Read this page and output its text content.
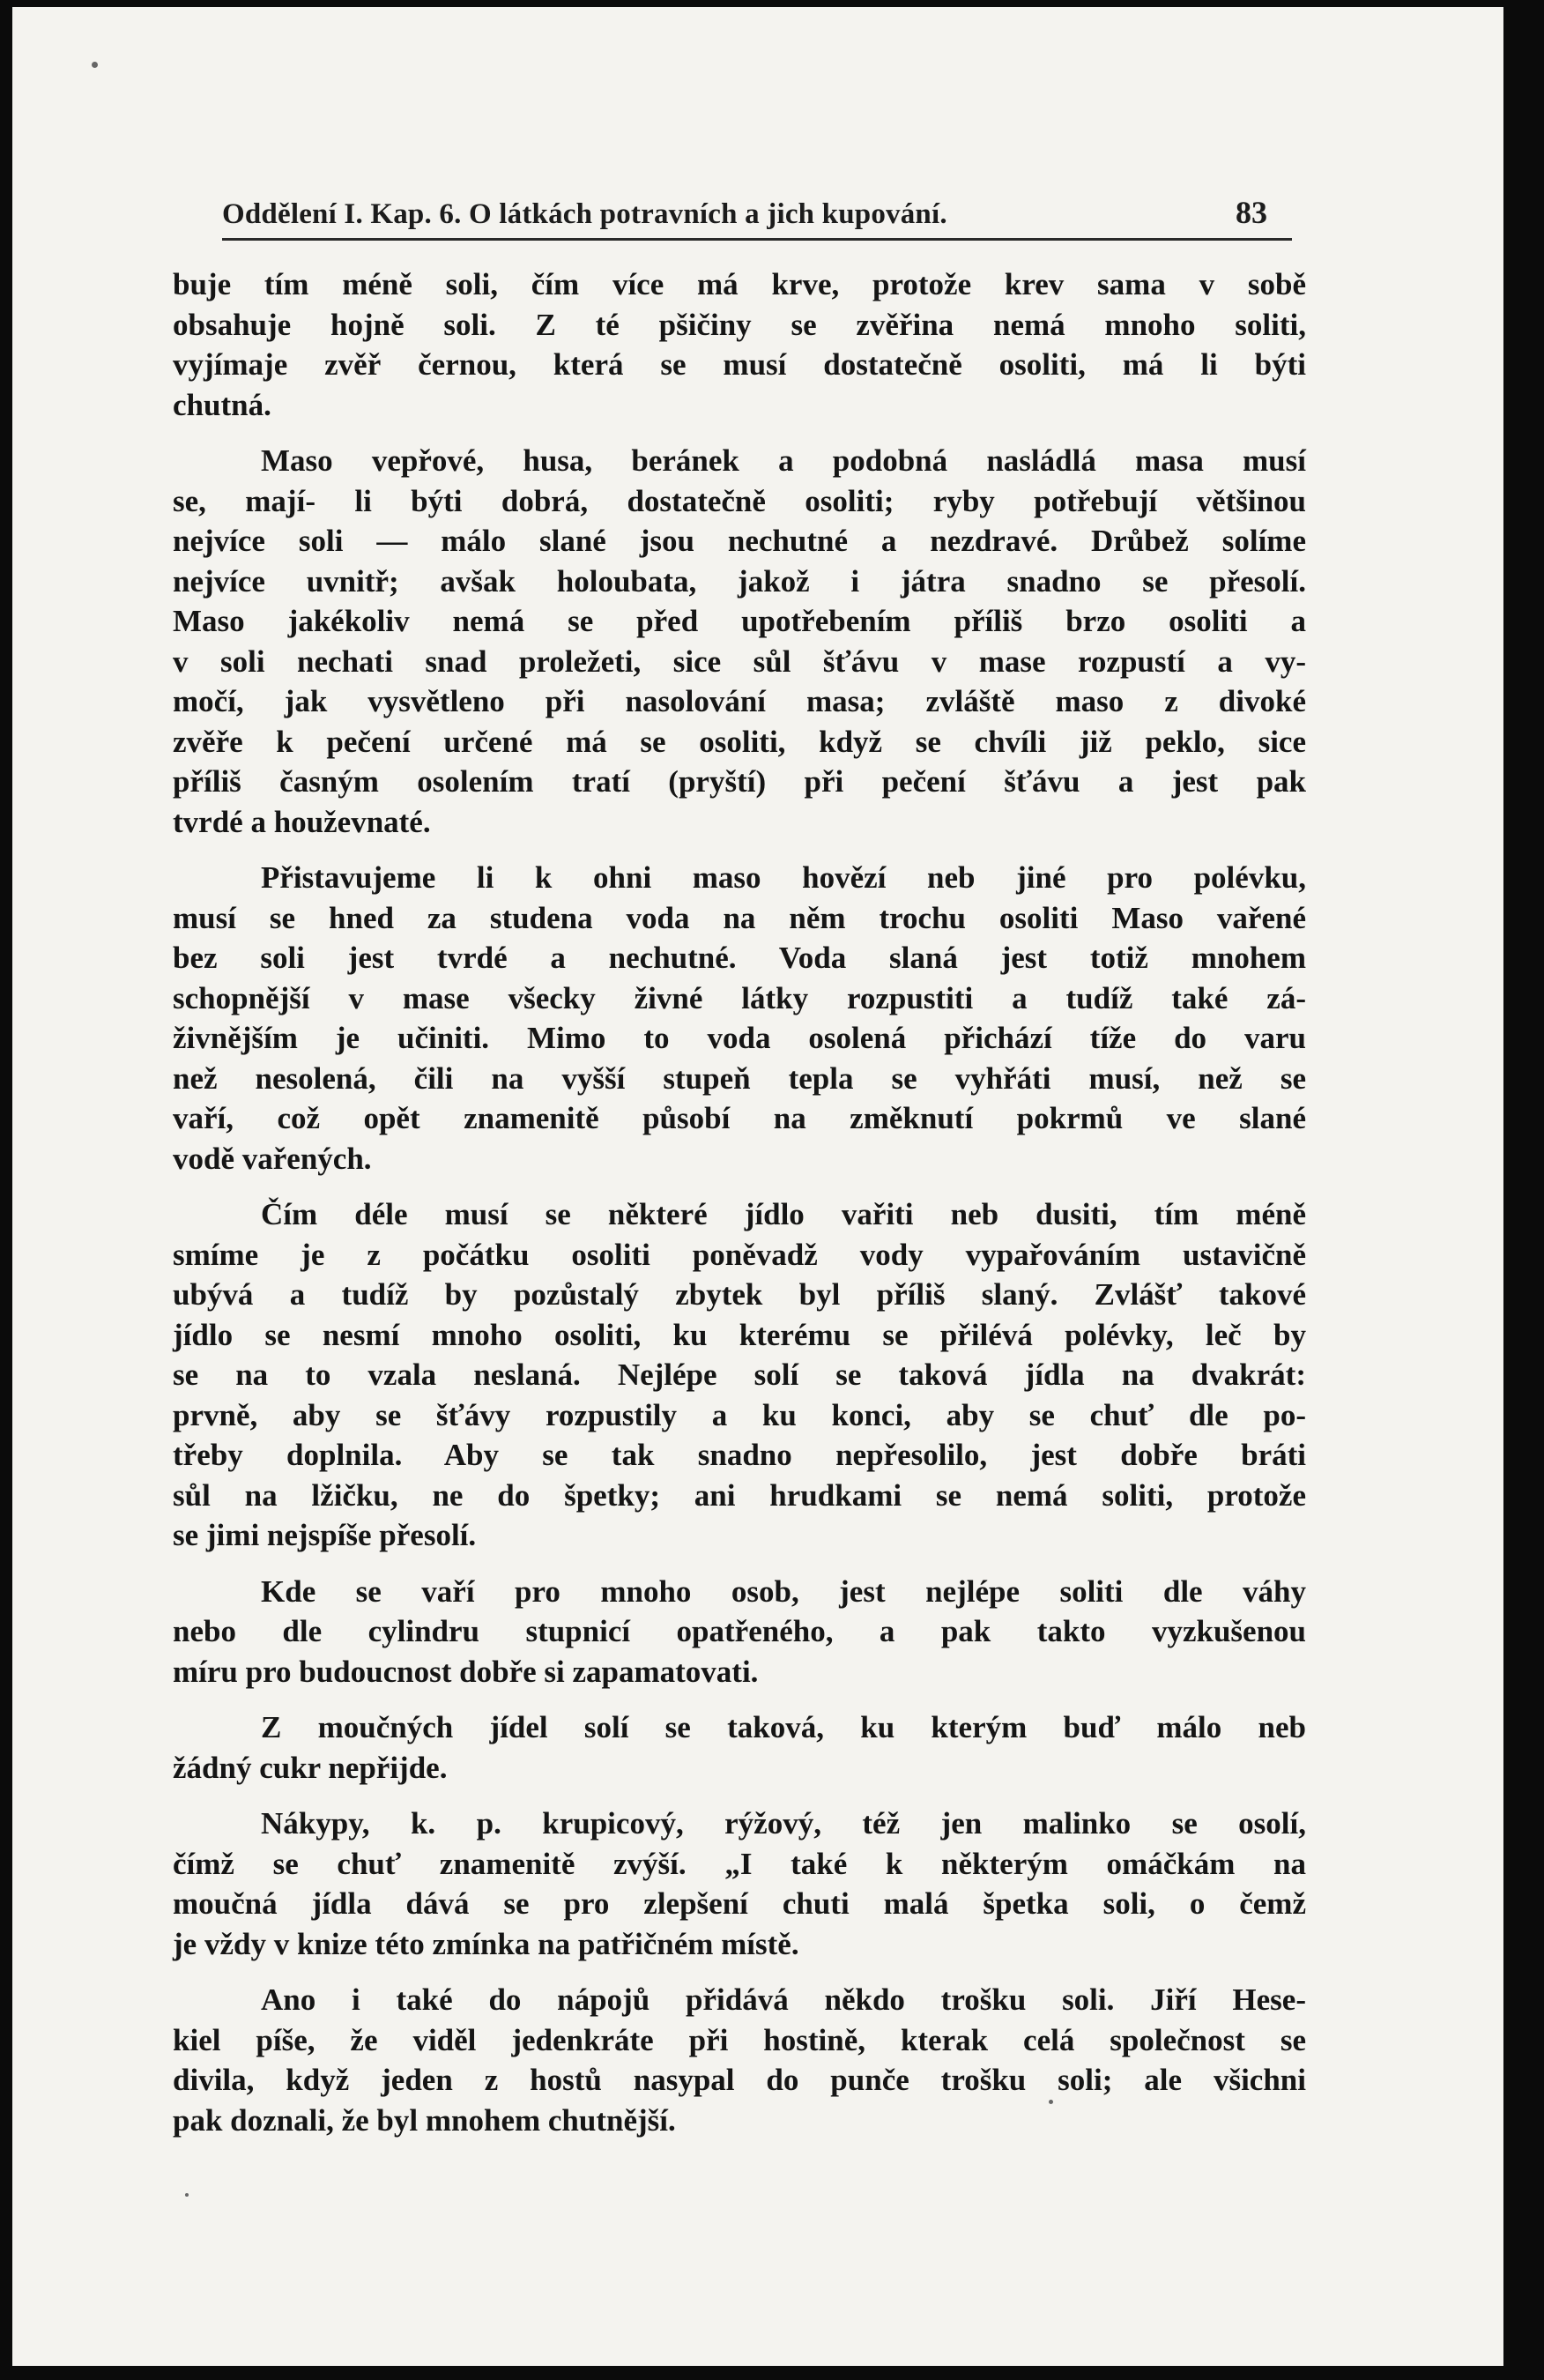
Oddělení I. Kap. 6. O látkách potravních a jich kupování.	83
buje tím méně soli, čím více má krve, protože krev sama v sobě
obsahuje hojně soli. Z té pšičiny se zvěřina nemá mnoho soliti,
vyjímaje zvěř černou, která se musí dostatečně osoliti, má li býti
chutná.
Maso vepřové, husa, beránek a podobná nasládlá masa musí
se, mají- li býti dobrá, dostatečně osoliti; ryby potřebují většinou
nejvíce soli — málo slané jsou nechutné a nezdravé. Drůbež solíme
nejvíce uvnitř; avšak holoubata, jakož i játra snadno se přesolí.
Maso jakékoliv nemá se před upotřebením příliš brzo osoliti a
v soli nechati snad proležeti, sice sůl šťávu v mase rozpustí a vy-
močí, jak vysvětleno při nasolování masa; zvláště maso z divoké
zvěře k pečení určené má se osoliti, když se chvíli již peklo, sice
příliš časným osolením tratí (pryští) při pečení šťávu a jest pak
tvrdé a houževnaté.
Přistavujeme li k ohni maso hovězí neb jiné pro polévku,
musí se hned za studena voda na něm trochu osoliti Maso vařené
bez soli jest tvrdé a nechutné. Voda slaná jest totiž mnohem
schopnější v mase všecky živné látky rozpustiti a tudíž také zá-
živnějším je učiniti. Mimo to voda osolená přichází tíže do varu
než nesolená, čili na vyšší stupeň tepla se vyhřáti musí, než se
vaří, což opět znamenitě působí na změknutí pokrmů ve slané
vodě vařených.
Čím déle musí se některé jídlo vařiti neb dusiti, tím méně
smíme je z počátku osoliti poněvadž vody vypařováním ustavičně
ubývá a tudíž by pozůstalý zbytek byl příliš slaný. Zvlášť takové
jídlo se nesmí mnoho osoliti, ku kterému se přilévá polévky, leč by
se na to vzala neslaná. Nejlépe solí se taková jídla na dvakrát:
prvně, aby se šťávy rozpustily a ku konci, aby se chuť dle po-
třeby doplnila. Aby se tak snadno nepřesolilo, jest dobře bráti
sůl na lžičku, ne do špetky; ani hrudkami se nemá soliti, protože
se jimi nejspíše přesolí.
Kde se vaří pro mnoho osob, jest nejlépe soliti dle váhy
nebo dle cylindru stupnicí opatřeného, a pak takto vyzkušenou
míru pro budoucnost dobře si zapamatovati.
Z moučných jídel solí se taková, ku kterým buď málo neb
žádný cukr nepřijde.
Nákypy, k. p. krupicový, rýžový, též jen malinko se osolí,
čímž se chuť znamenitě zvýší. „I také k některým omáčkám na
moučná jídla dává se pro zlepšení chuti malá špetka soli, o čemž
je vždy v knize této zmínka na patřičném místě.
Ano i také do nápojů přidává někdo trošku soli. Jiří Hese-
kiel píše, že viděl jedenkráte při hostině, kterak celá společnost se
divila, když jeden z hostů nasypal do punče trošku soli; ale všichni
pak doznali, že byl mnohem chutnější.
